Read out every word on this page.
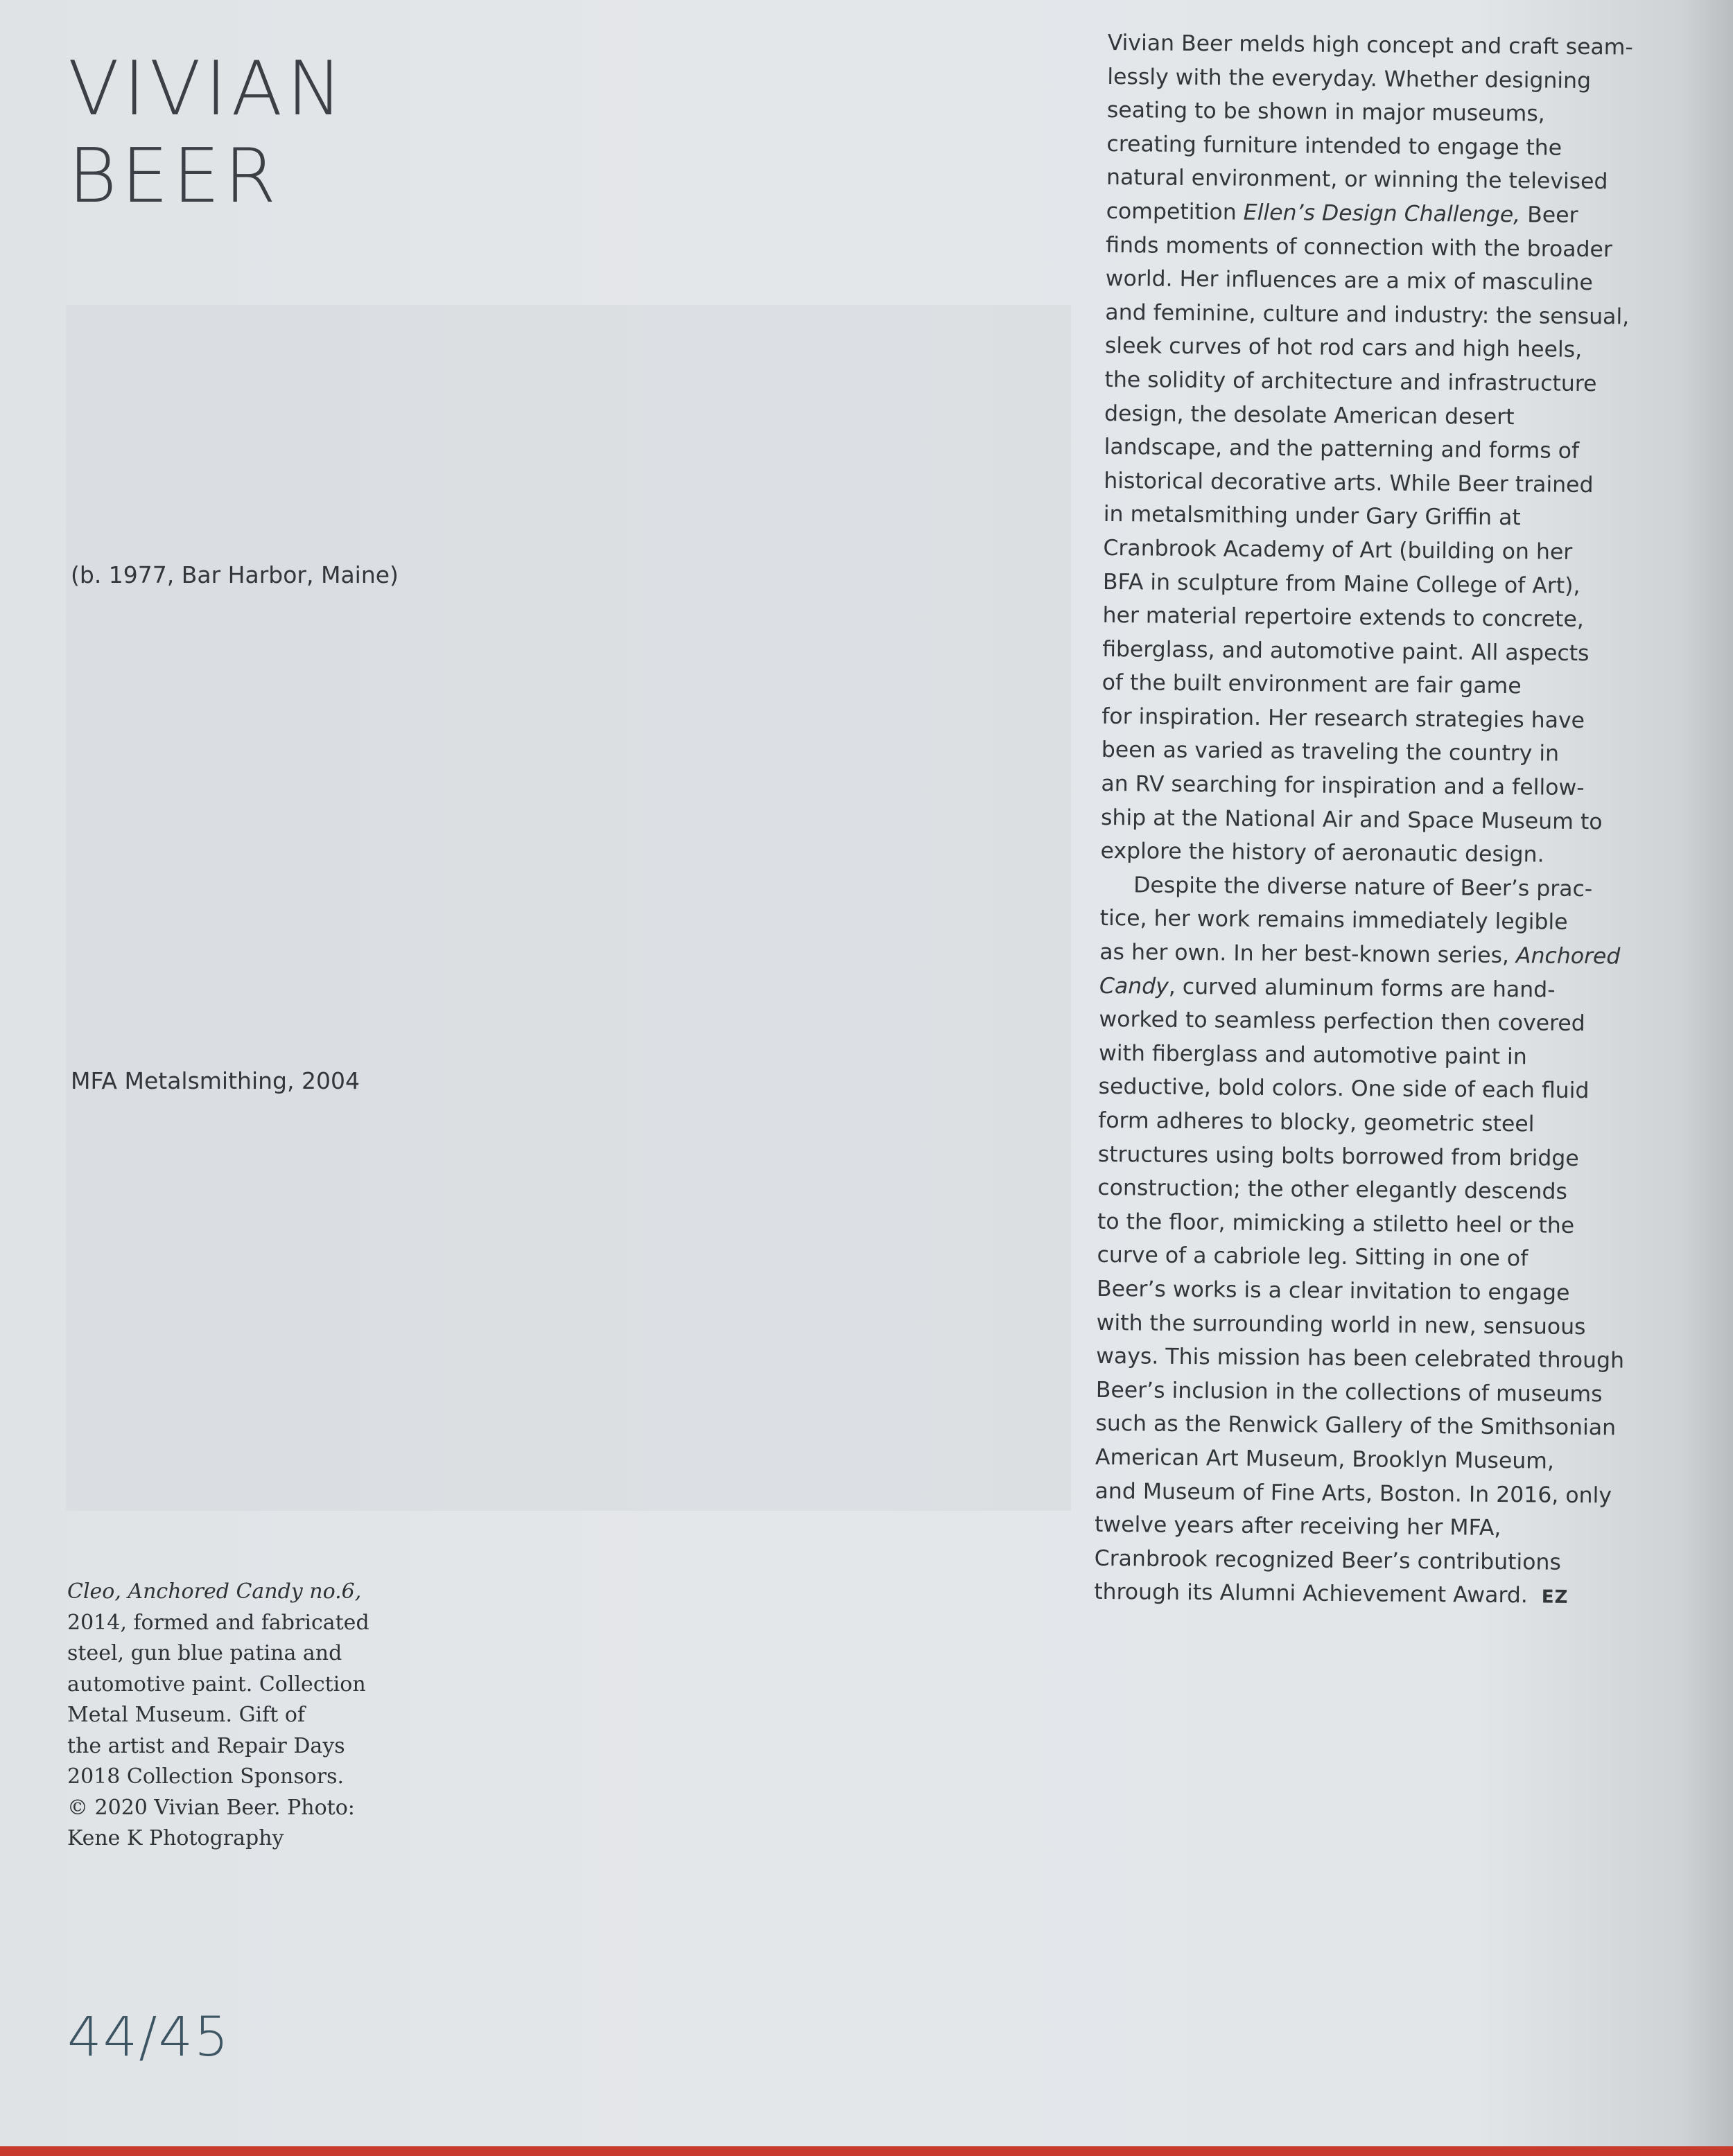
VIVIAN
BEER

(b. 1977, Bar Harbor, Maine)

MFA Metalsmithing, 2004

Cleo, Anchored Candy no.6,
2014, formed and fabricated
steel, gun blue patina and
automotive paint. Collection
Metal Museum. Gift of
the artist and Repair Days
2018 Collection Sponsors.
© 2020 Vivian Beer. Photo:
Kene K Photography

Vivian Beer melds high concept and craft seam-
lessly with the everyday. Whether designing
seating to be shown in major museums,
creating furniture intended to engage the
natural environment, or winning the televised
competition Ellen’s Design Challenge, Beer
finds moments of connection with the broader
world. Her influences are a mix of masculine
and feminine, culture and industry: the sensual,
sleek curves of hot rod cars and high heels,
the solidity of architecture and infrastructure
design, the desolate American desert
landscape, and the patterning and forms of
historical decorative arts. While Beer trained
in metalsmithing under Gary Griffin at
Cranbrook Academy of Art (building on her
BFA in sculpture from Maine College of Art),
her material repertoire extends to concrete,
fiberglass, and automotive paint. All aspects
of the built environment are fair game
for inspiration. Her research strategies have
been as varied as traveling the country in
an RV searching for inspiration and a fellow-
ship at the National Air and Space Museum to
explore the history of aeronautic design.
Despite the diverse nature of Beer’s prac-
tice, her work remains immediately legible
as her own. In her best-known series, Anchored
Candy, curved aluminum forms are hand-
worked to seamless perfection then covered
with fiberglass and automotive paint in
seductive, bold colors. One side of each fluid
form adheres to blocky, geometric steel
structures using bolts borrowed from bridge
construction; the other elegantly descends
to the floor, mimicking a stiletto heel or the
curve of a cabriole leg. Sitting in one of
Beer’s works is a clear invitation to engage
with the surrounding world in new, sensuous
ways. This mission has been celebrated through
Beer’s inclusion in the collections of museums
such as the Renwick Gallery of the Smithsonian
American Art Museum, Brooklyn Museum,
and Museum of Fine Arts, Boston. In 2016, only
twelve years after receiving her MFA,
Cranbrook recognized Beer’s contributions
through its Alumni Achievement Award. EZ

44/45
